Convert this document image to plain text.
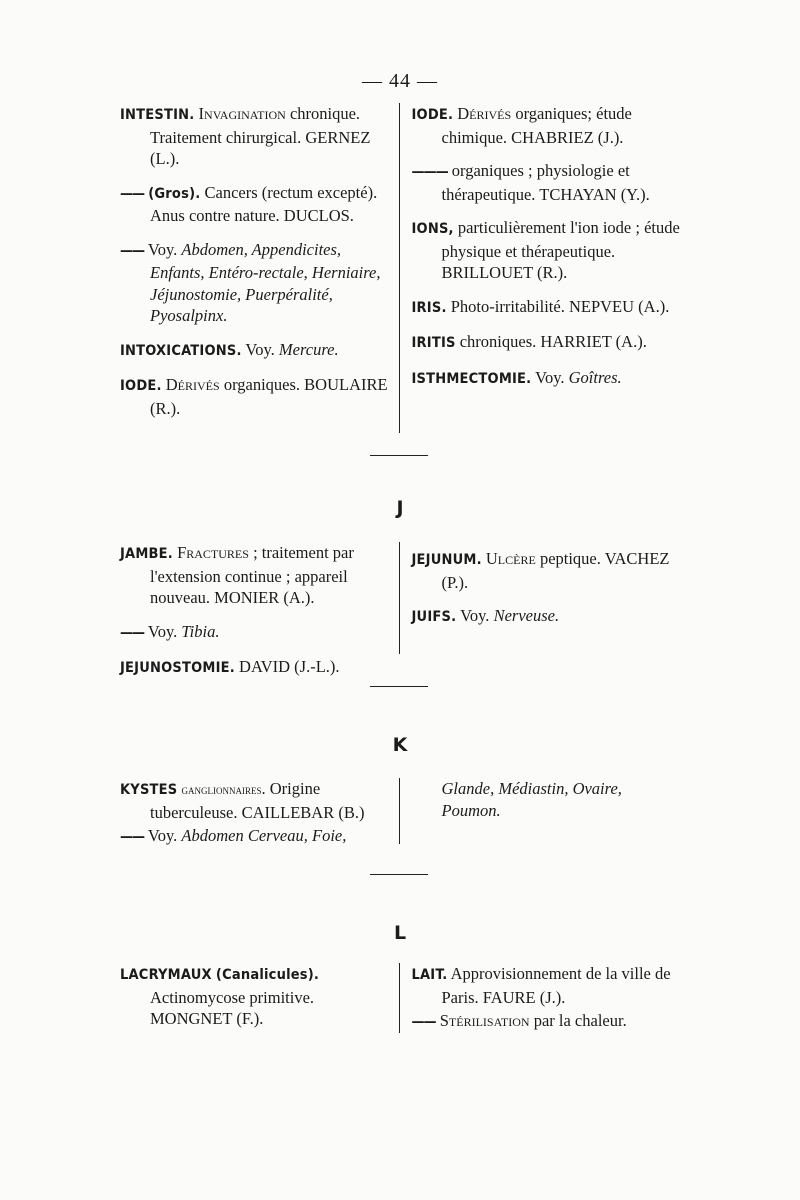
— 44 —
INTESTIN. Invagination chronique. Traitement chirurgical. GERNEZ (L.).
—— (Gros). Cancers (rectum excepté). Anus contre nature. DUCLOS.
—— Voy. Abdomen, Appendicites, Enfants, Entéro-rectale, Herniaire, Jéjunostomie, Puerpéralité, Pyosalpinx.
INTOXICATIONS. Voy. Mercure.
IODE. Dérivés organiques. BOULAIRE (R.).
IODE. Dérivés organiques; étude chimique. CHABRIEZ (J.).
——— organiques ; physiologie et thérapeutique. TCHAYAN (Y.).
IONS, particulièrement l'ion iode ; étude physique et thérapeutique. BRILLOUET (R.).
IRIS. Photo-irritabilité. NEPVEU (A.).
IRITIS chroniques. HARRIET (A.).
ISTHMECTOMIE. Voy. Goîtres.
J
JAMBE. Fractures ; traitement par l'extension continue ; appareil nouveau. MONIER (A.).
—— Voy. Tibia.
JEJUNOSTOMIE. DAVID (J.-L.).
JEJUNUM. Ulcère peptique. VACHEZ (P.).
JUIFS. Voy. Nerveuse.
K
KYSTES ganglionnaires. Origine tuberculeuse. CAILLEBAR (B.)
—— Voy. Abdomen Cerveau, Foie,
Glande, Médiastin, Ovaire, Poumon.
L
LACRYMAUX (Canalicules). Actinomycose primitive. MONGNET (F.).
LAIT. Approvisionnement de la ville de Paris. FAURE (J.).
—— Stérilisation par la chaleur.
